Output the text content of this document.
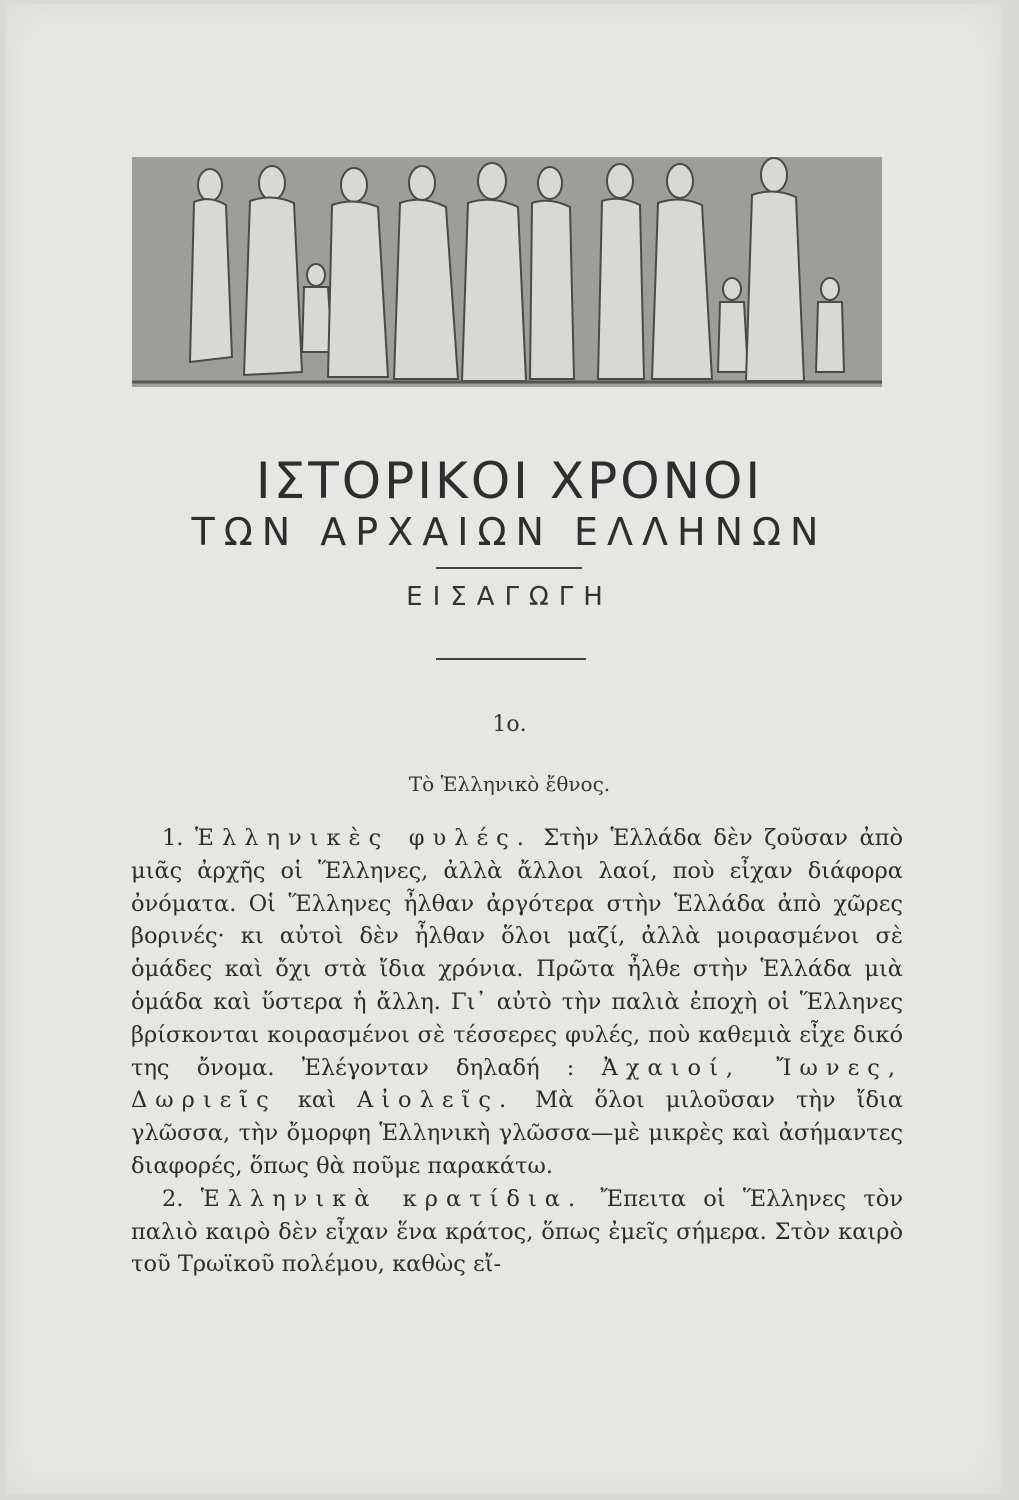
ΙΣΤΟΡΙΚΟΙ ΧΡΟΝΟΙ
ΤΩΝ ΑΡΧΑΙΩΝ ΕΛΛΗΝΩΝ
ΕΙΣΑΓΩΓΗ
1ο.
Τὸ Ἑλληνικὸ ἔθνος.

1. Ἑλληνικὲς φυλές. Στὴν Ἑλλάδα δὲν ζοῦσαν ἀπὸ μιᾶς ἀρχῆς οἱ Ἕλληνες, ἀλλὰ ἄλλοι λαοί, ποὺ εἶχαν διάφορα ὀνόματα. Οἱ Ἕλληνες ἦλθαν ἀργότερα στὴν Ἑλλάδα ἀπὸ χῶρες βορινές· κι αὐτοὶ δὲν ἦλθαν ὅλοι μαζί, ἀλλὰ μοιρασμένοι σὲ ὁμάδες καὶ ὄχι στὰ ἴδια χρόνια. Πρῶτα ἦλθε στὴν Ἑλλάδα μιὰ ὁμάδα καὶ ὕστερα ἡ ἄλλη. Γι᾿ αὐτὸ τὴν παλιὰ ἐποχὴ οἱ Ἕλληνες βρίσκονται κοιρασμένοι σὲ τέσσερες φυλές, ποὺ καθεμιὰ εἶχε δικό της ὄνομα. Ἐλέγονταν δηλαδή : Ἀχαιοί, Ἴωνες, Δωριεῖς καὶ Αἰολεῖς. Μὰ ὅλοι μιλοῦσαν τὴν ἴδια γλῶσσα, τὴν ὄμορφη Ἑλληνικὴ γλῶσσα—μὲ μικρὲς καὶ ἀσήμαντες διαφορές, ὅπως θὰ ποῦμε παρακάτω.

2. Ἑλληνικὰ κρατίδια. Ἔπειτα οἱ Ἕλληνες τὸν παλιὸ καιρὸ δὲν εἶχαν ἕνα κράτος, ὅπως ἐμεῖς σήμερα. Στὸν καιρὸ τοῦ Τρωϊκοῦ πολέμου, καθὼς εἴ-
